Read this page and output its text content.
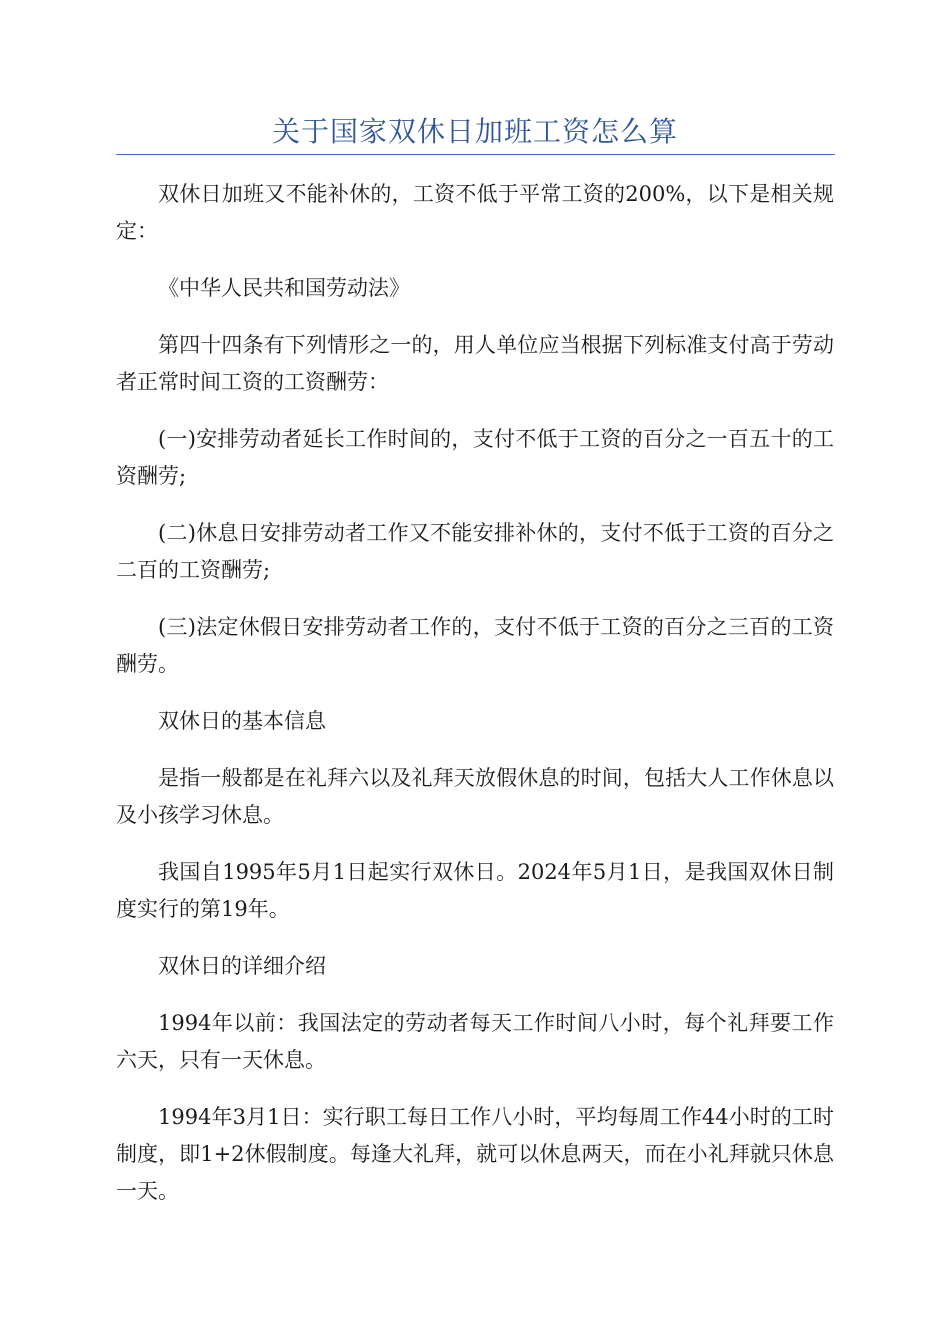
关于国家双休日加班工资怎么算

双休日加班又不能补休的，工资不低于平常工资的200%，以下是相关规定：

《中华人民共和国劳动法》

第四十四条有下列情形之一的，用人单位应当根据下列标准支付高于劳动者正常时间工资的工资酬劳：

(一)安排劳动者延长工作时间的，支付不低于工资的百分之一百五十的工资酬劳;

(二)休息日安排劳动者工作又不能安排补休的，支付不低于工资的百分之二百的工资酬劳;

(三)法定休假日安排劳动者工作的，支付不低于工资的百分之三百的工资酬劳。

双休日的基本信息

是指一般都是在礼拜六以及礼拜天放假休息的时间，包括大人工作休息以及小孩学习休息。

我国自1995年5月1日起实行双休日。2024年5月1日，是我国双休日制度实行的第19年。

双休日的详细介绍

1994年以前：我国法定的劳动者每天工作时间八小时，每个礼拜要工作六天，只有一天休息。

1994年3月1日：实行职工每日工作八小时，平均每周工作44小时的工时制度，即1+2休假制度。每逢大礼拜，就可以休息两天，而在小礼拜就只休息一天。
